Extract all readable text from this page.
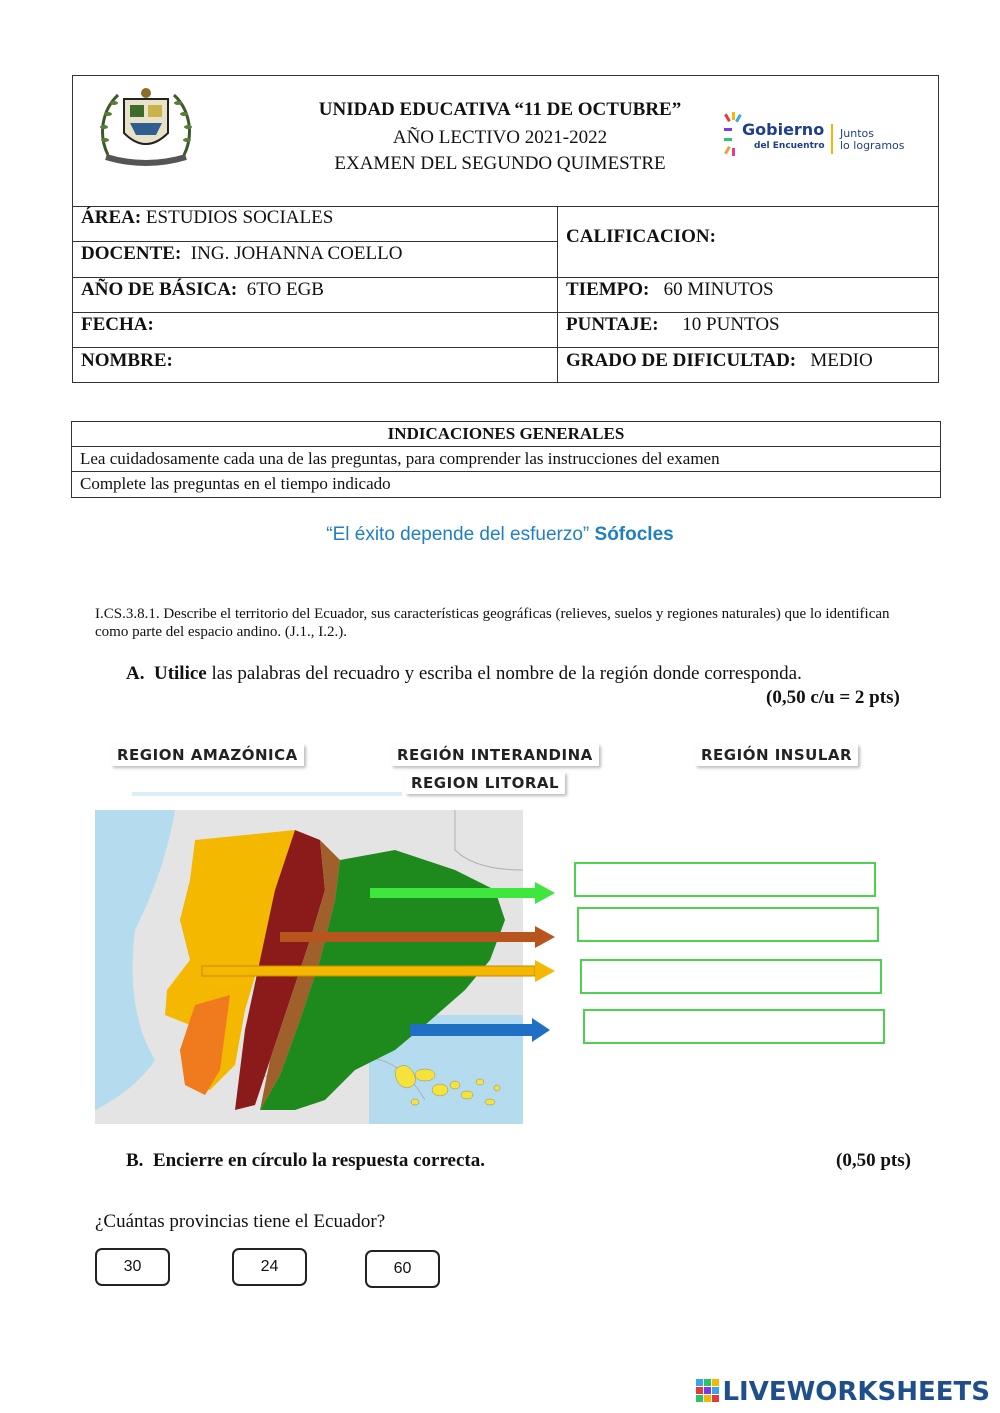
UNIDAD EDUCATIVA “11 DE OCTUBRE”
AÑO LECTIVO 2021-2022
EXAMEN DEL SEGUNDO QUIMESTRE
Gobierno
del Encuentro
Juntos
lo logramos
ÁREA: ESTUDIOS SOCIALES
DOCENTE: ING. JOHANNA COELLO
AÑO DE BÁSICA: 6TO EGB
FECHA:
NOMBRE:
CALIFICACION:
TIEMPO: 60 MINUTOS
PUNTAJE: 10 PUNTOS
GRADO DE DIFICULTAD: MEDIO
INDICACIONES GENERALES
Lea cuidadosamente cada una de las preguntas, para comprender las instrucciones del examen
Complete las preguntas en el tiempo indicado
“El éxito depende del esfuerzo” Sófocles
I.CS.3.8.1. Describe el territorio del Ecuador, sus características geográficas (relieves, suelos y regiones naturales) que lo identifican como parte del espacio andino. (J.1., I.2.).
A. Utilice las palabras del recuadro y escriba el nombre de la región donde corresponda.
(0,50 c/u = 2 pts)
REGION AMAZÓNICA	REGIÓN INTERANDINA	REGIÓN INSULAR
REGION LITORAL
B. Encierre en círculo la respuesta correcta.	(0,50 pts)
¿Cuántas provincias tiene el Ecuador?
30	24	60
LIVEWORKSHEETS
